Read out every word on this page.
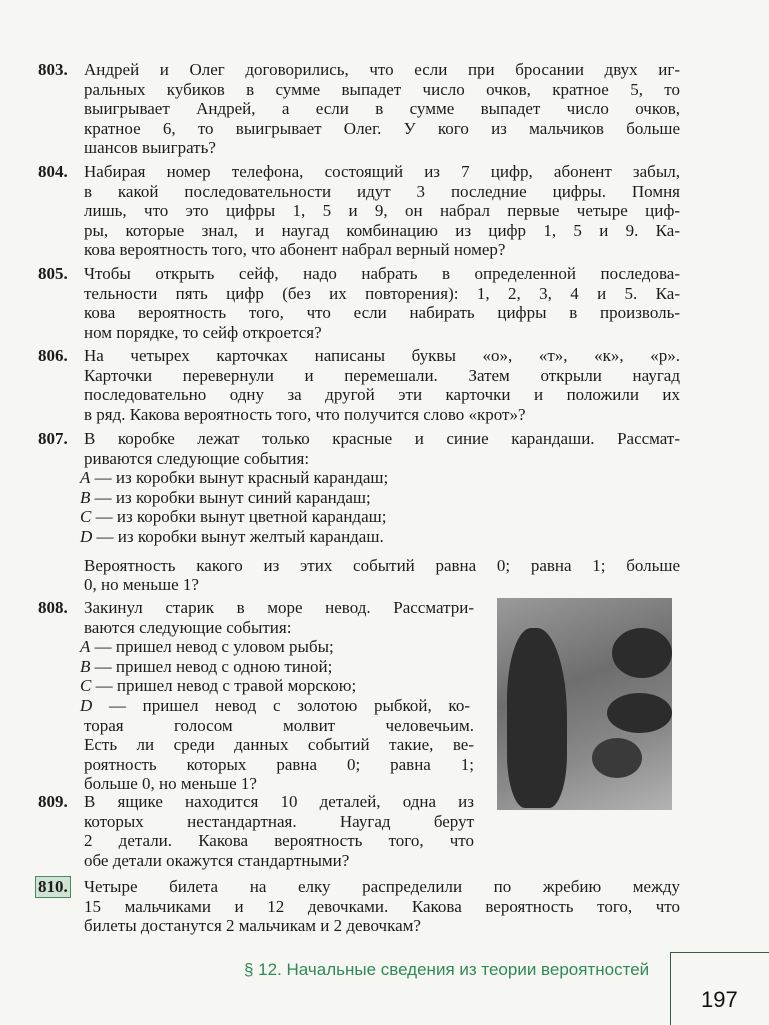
803. Андрей и Олег договорились, что если при бросании двух иг-
ральных кубиков в сумме выпадет число очков, кратное 5, то
выигрывает Андрей, а если в сумме выпадет число очков,
кратное 6, то выигрывает Олег. У кого из мальчиков больше
шансов выиграть?
804. Набирая номер телефона, состоящий из 7 цифр, абонент забыл,
в какой последовательности идут 3 последние цифры. Помня
лишь, что это цифры 1, 5 и 9, он набрал первые четыре циф-
ры, которые знал, и наугад комбинацию из цифр 1, 5 и 9. Ка-
кова вероятность того, что абонент набрал верный номер?
805. Чтобы открыть сейф, надо набрать в определенной последова-
тельности пять цифр (без их повторения): 1, 2, 3, 4 и 5. Ка-
кова вероятность того, что если набирать цифры в произволь-
ном порядке, то сейф откроется?
806. На четырех карточках написаны буквы «о», «т», «к», «р».
Карточки перевернули и перемешали. Затем открыли наугад
последовательно одну за другой эти карточки и положили их
в ряд. Какова вероятность того, что получится слово «крот»?
807. В коробке лежат только красные и синие карандаши. Рассмат-
риваются следующие события:
A — из коробки вынут красный карандаш;
B — из коробки вынут синий карандаш;
C — из коробки вынут цветной карандаш;
D — из коробки вынут желтый карандаш.
Вероятность какого из этих событий равна 0; равна 1; больше
0, но меньше 1?
808. Закинул старик в море невод. Рассматри-
ваются следующие события:
A — пришел невод с уловом рыбы;
B — пришел невод с одною тиной;
C — пришел невод с травой морскою;
D — пришел невод с золотою рыбкой, ко-
торая голосом молвит человечьим.
Есть ли среди данных событий такие, ве-
роятность которых равна 0; равна 1;
больше 0, но меньше 1?
809. В ящике находится 10 деталей, одна из
которых нестандартная. Наугад берут
2 детали. Какова вероятность того, что
обе детали окажутся стандартными?
810. Четыре билета на елку распределили по жребию между
15 мальчиками и 12 девочками. Какова вероятность того, что
билеты достанутся 2 мальчикам и 2 девочкам?
§ 12. Начальные сведения из теории вероятностей
197
